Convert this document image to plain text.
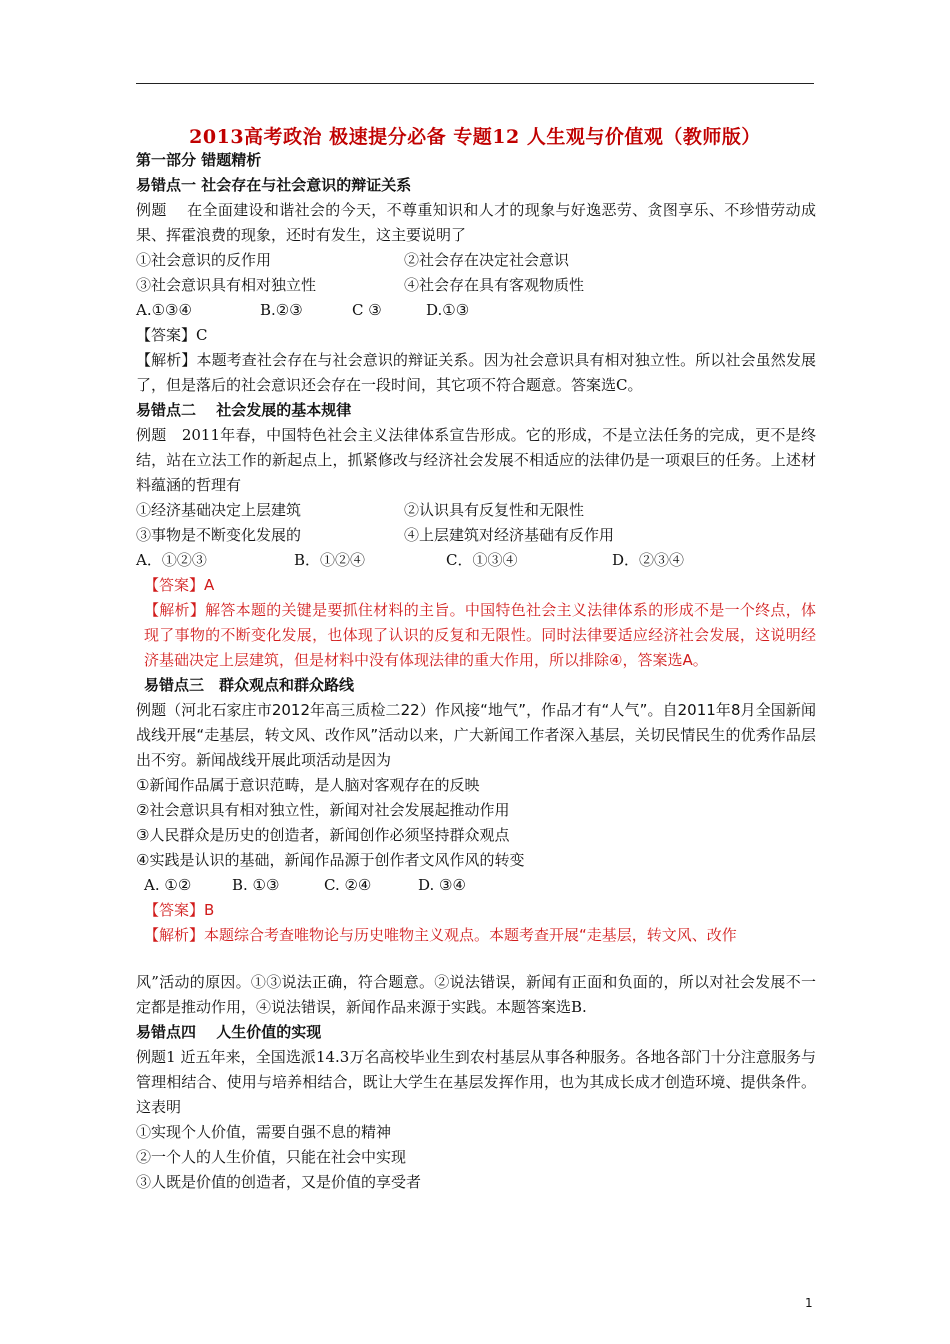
2013高考政治 极速提分必备 专题12 人生观与价值观（教师版）
第一部分 错题精析
易错点一 社会存在与社会意识的辩证关系
例题　 在全面建设和谐社会的今天，不尊重知识和人才的现象与好逸恶劳、贪图享乐、不珍惜劳动成果、挥霍浪费的现象，还时有发生，这主要说明了
①社会意识的反作用	②社会存在决定社会意识
③社会意识具有相对独立性	④社会存在具有客观物质性
A.①③④	B.②③	C ③	D.①③
【答案】C
【解析】本题考查社会存在与社会意识的辩证关系。因为社会意识具有相对独立性。所以社会虽然发展了，但是落后的社会意识还会存在一段时间，其它项不符合题意。答案选C。
易错点二　 社会发展的基本规律
例题　2011年春，中国特色社会主义法律体系宣告形成。它的形成，不是立法任务的完成，更不是终结，站在立法工作的新起点上，抓紧修改与经济社会发展不相适应的法律仍是一项艰巨的任务。上述材料蕴涵的哲理有
①经济基础决定上层建筑	②认识具有反复性和无限性
③事物是不断变化发展的	④上层建筑对经济基础有反作用
A．①②③	B．①②④	C．①③④	D．②③④
【答案】A
【解析】解答本题的关键是要抓住材料的主旨。中国特色社会主义法律体系的形成不是一个终点，体现了事物的不断变化发展，也体现了认识的反复和无限性。同时法律要适应经济社会发展，这说明经济基础决定上层建筑，但是材料中没有体现法律的重大作用，所以排除④，答案选A。
易错点三　群众观点和群众路线
例题（河北石家庄市2012年高三质检二22）作风接“地气”，作品才有“人气”。自2011年8月全国新闻战线开展“走基层，转文风、改作风”活动以来，广大新闻工作者深入基层，关切民情民生的优秀作品层出不穷。新闻战线开展此项活动是因为
①新闻作品属于意识范畴，是人脑对客观存在的反映
②社会意识具有相对独立性，新闻对社会发展起推动作用
③人民群众是历史的创造者，新闻创作必须坚持群众观点
④实践是认识的基础，新闻作品源于创作者文风作风的转变
A. ①②	B. ①③	C. ②④	D. ③④
【答案】B
【解析】本题综合考查唯物论与历史唯物主义观点。本题考查开展“走基层，转文风、改作
风”活动的原因。①③说法正确，符合题意。②说法错误，新闻有正面和负面的，所以对社会发展不一定都是推动作用，④说法错误，新闻作品来源于实践。本题答案选B.
易错点四　 人生价值的实现
例题1 近五年来，全国选派14.3万名高校毕业生到农村基层从事各种服务。各地各部门十分注意服务与管理相结合、使用与培养相结合，既让大学生在基层发挥作用，也为其成长成才创造环境、提供条件。这表明
①实现个人价值，需要自强不息的精神
②一个人的人生价值，只能在社会中实现
③人既是价值的创造者，又是价值的享受者
1
